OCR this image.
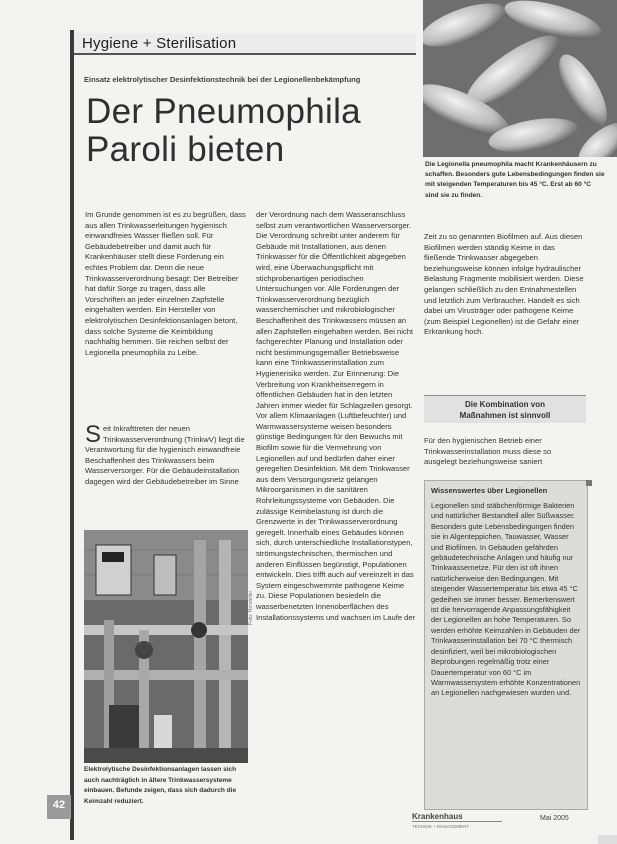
Hygiene + Sterilisation
Einsatz elektrolytischer Desinfektionstechnik bei der Legionellenbekämpfung
Der Pneumophila
Paroli bieten	Die Legionella pneumophila macht Krankenhäusern zu schaffen. Besonders gute Lebensbedingungen finden sie mit steigenden Temperaturen bis 45 °C. Erst ab 60 °C sind sie zu finden.

Im Grunde genommen ist es zu begrüßen, dass aus allen Trinkwasserleitungen hygienisch einwandfreies Wasser fließen soll. Für Gebäudebetreiber und damit auch für Krankenhäuser stellt diese Forderung ein echtes Problem dar. Denn die neue Trinkwasserverordnung besagt: Der Betreiber hat dafür Sorge zu tragen, dass alle Vorschriften an jeder einzelnen Zapfstelle eingehalten werden. Ein Hersteller von elektrolytischen Desinfektionsanlagen betont, dass solche Systeme die Keimbildung nachhaltig hemmen. Sie reichen selbst der Legionella pneumophila zu Leibe.

Seit Inkrafttreten der neuen Trinkwasserverordnung (TrinkwV) liegt die Verantwortung für die hygienisch einwandfreie Beschaffenheit des Trinkwassers beim Wasserversorger. Für die Gebäudeinstallation dagegen wird der Gebäudebetreiber im Sinne

der Verordnung nach dem Wasseranschluss selbst zum verantwortlichen Wasserversorger. Die Verordnung schreibt unter anderem für Gebäude mit Installationen, aus denen Trinkwasser für die Öffentlichkeit abgegeben wird, eine Überwachungspflicht mit stichprobenartigen periodischen Untersuchungen vor. Alle Forderungen der Trinkwasserverordnung bezüglich wasserchemischer und mikrobiologischer Beschaffenheit des Trinkwassers müssen an allen Zapfstellen eingehalten werden. Bei nicht fachgerechter Planung und Installation oder nicht bestimmungsgemäßer Betriebsweise kann eine Trinkwasserinstallation zum Hygienerisiko werden. Zur Erinnerung: Die Verbreitung von Krankheitserregern in öffentlichen Gebäuden hat in den letzten Jahren immer wieder für Schlagzeilen gesorgt. Vor allem Klimaanlagen (Luftbefeuchter) und Warmwassersysteme weisen besonders günstige Bedingungen für den Bewuchs mit Biofilm sowie für die Vermehrung von Legionellen auf und bedürfen daher einer geregelten Desinfektion. Mit dem Trinkwasser aus dem Versorgungsnetz gelangen Mikroorganismen in die sanitären Rohrleitungssysteme von Gebäuden. Die zulässige Keimbelastung ist durch die Grenzwerte in der Trinkwasserverordnung geregelt. Innerhalb eines Gebäudes können sich, durch unterschiedliche Installationstypen, strömungstechnischen, thermischen und anderen Einflüssen begünstigt, Populationen entwickeln. Dies trifft auch auf vereinzelt in das System eingeschwemmte pathogene Keime zu. Diese Populationen besiedeln die wasserbenetzten Innenoberflächen des Installationssystems und wachsen im Laufe der

Zeit zu so genannten Biofilmen auf. Aus diesen Biofilmen werden ständig Keime in das fließende Trinkwasser abgegeben beziehungsweise können infolge hydraulischer Belastung Fragmente mobilisiert werden. Diese gelangen schließlich zu den Entnahmestellen und letztlich zum Verbraucher. Handelt es sich dabei um Virusträger oder pathogene Keime (zum Beispiel Legionellen) ist die Gefahr einer Erkrankung hoch.

Die Kombination von
Maßnahmen ist sinnvoll

Für den hygienischen Betrieb einer Trinkwasserinstallation muss diese so ausgelegt beziehungsweise saniert

Wissenswertes über Legionellen
Legionellen sind stäbchenförmige Bakterien und natürlicher Bestandteil aller Süßwasser. Besonders gute Lebensbedingungen finden sie in Algenteppichen, Tauwasser, Wasser und Biofilmen. In Gebäuden gefährden gebäudetechnische Anlagen und häufig nur Trinkwassernetze. Für den ist oft ihnen natürlicherweise den Bedingungen. Mit steigender Wassertemperatur bis etwa 45 °C gedeihen sie immer besser. Bemerkenswert ist die hervorragende Anpassungsfähigkeit der Legionellen an hohe Temperaturen. So werden erhöhte Keimzahlen in Gebäuden der Trinkwasserinstallation bei 70 °C thermisch desinfiziert, weil bei mikrobiologischen Beprobungen regelmäßig trotz einer Dauertemperatur von 60 °C im Warmwassersystem erhöhte Konzentrationen an Legionellen nachgewiesen wurden und.
Foto: Hersteller
Elektrolytische Desinfektionsanlagen lassen sich auch nachträglich in ältere Trinkwassersysteme einbauen. Befunde zeigen, dass sich dadurch die Keimzahl reduziert.
42
Krankenhaus
TECHNIK + MANAGEMENT
Mai 2005
